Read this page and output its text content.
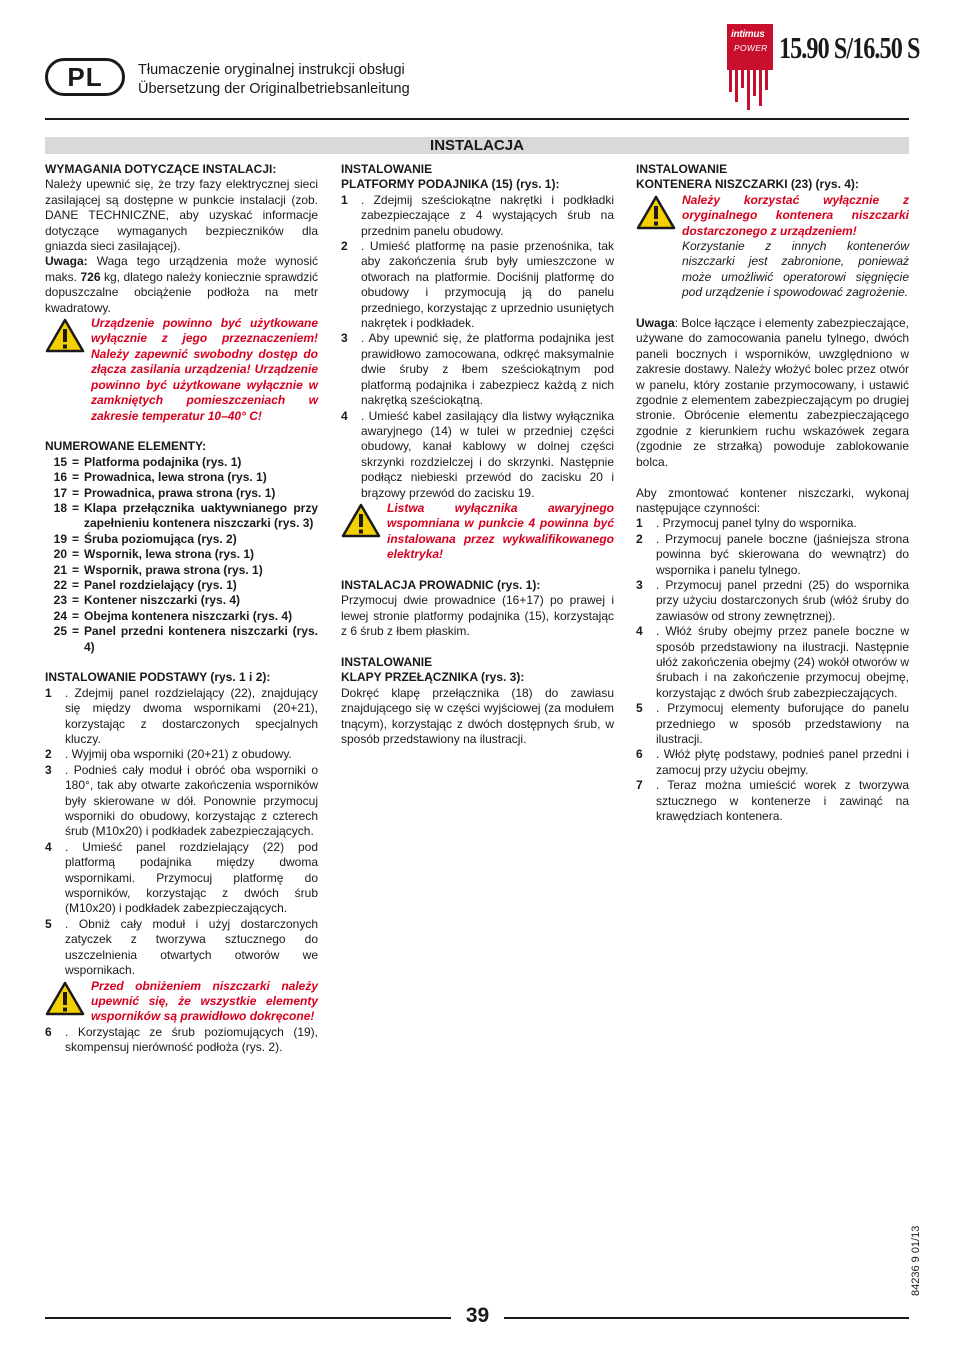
PL	Tłumaczenie oryginalnej instrukcji obsługi
Übersetzung der Originalbetriebsanleitung
intimus
POWER 15.90 S/16.50 S
INSTALACJA
WYMAGANIA DOTYCZĄCE INSTALACJI:

Należy upewnić się, że trzy fazy elektrycznej sieci zasilającej są dostępne w punkcie instalacji (zob. DANE TECHNICZNE, aby uzyskać informacje dotyczące wymaganych bezpieczników dla gniazda sieci zasilającej).

Uwaga: Waga tego urządzenia może wynosić maks. 726 kg, dlatego należy koniecznie sprawdzić dopuszczalne obciążenie podłoża na metr kwadratowy.

Urządzenie powinno być użytkowane wyłącznie z jego przeznaczeniem! Należy zapewnić swobodny dostęp do złącza zasilania urządzenia! Urządzenie powinno być użytkowane wyłącznie w zamkniętych pomieszczeniach w zakresie temperatur 10–40° C!
NUMEROWANE ELEMENTY:
15 = Platforma podajnika (rys. 1)
16 = Prowadnica, lewa strona (rys. 1)
17 = Prowadnica, prawa strona (rys. 1)
18 = Klapa przełącznika uaktywnianego przy zapełnieniu kontenera niszczarki (rys. 3)
19 = Śruba poziomująca (rys. 2)
20 = Wspornik, lewa strona (rys. 1)
21 = Wspornik, prawa strona (rys. 1)
22 = Panel rozdzielający (rys. 1)
23 = Kontener niszczarki (rys. 4)
24 = Obejma kontenera niszczarki (rys. 4)
25 = Panel przedni kontenera niszczarki (rys. 4)
INSTALOWANIE PODSTAWY (rys. 1 i 2):
1	. Zdejmij panel rozdzielający (22), znajdujący się między dwoma wspornikami (20+21), korzystając z dostarczonych specjalnych kluczy.
2	. Wyjmij oba wsporniki (20+21) z obudowy.
3	. Podnieś cały moduł i obróć oba wsporniki o 180°, tak aby otwarte zakończenia wsporników były skierowane w dół. Ponownie przymocuj wsporniki do obudowy, korzystając z czterech śrub (M10x20) i podkładek zabezpieczających.
4	. Umieść panel rozdzielający (22) pod platformą podajnika między dwoma wspornikami. Przymocuj platformę do wsporników, korzystając z dwóch śrub (M10x20) i podkładek zabezpieczających.
5	. Obniż cały moduł i użyj dostarczonych zatyczek z tworzywa sztucznego do uszczelnienia otwartych otworów we wspornikach.
Przed obniżeniem niszczarki należy upewnić się, że wszystkie elementy wsporników są prawidłowo dokręcone!
6	. Korzystając ze śrub poziomujących (19), skompensuj nierówność podłoża (rys. 2).
INSTALOWANIE
PLATFORMY PODAJNIKA (15) (rys. 1):
1	. Zdejmij sześciokątne nakrętki i podkładki zabezpieczające z 4 wystających śrub na przednim panelu obudowy.
2	. Umieść platformę na pasie przenośnika, tak aby zakończenia śrub były umieszczone w otworach na platformie. Dociśnij platformę do obudowy i przymocują ją do panelu przedniego, korzystając z uprzednio usuniętych nakrętek i podkładek.
3	. Aby upewnić się, że platforma podajnika jest prawidłowo zamocowana, odkręć maksymalnie dwie śruby z łbem sześciokątnym pod platformą podajnika i zabezpiecz każdą z nich nakrętką sześciokątną.
4	. Umieść kabel zasilający dla listwy wyłącznika awaryjnego (14) w tulei w przedniej części obudowy, kanał kablowy w dolnej części skrzynki rozdzielczej i do skrzynki. Następnie podłącz niebieski przewód do zacisku 20 i brązowy przewód do zacisku 19.
Listwa wyłącznika awaryjnego wspomniana w punkcie 4 powinna być instalowana przez wykwalifikowanego elektryka!
INSTALACJA PROWADNIC (rys. 1):

Przymocuj dwie prowadnice (16+17) po prawej i lewej stronie platformy podajnika (15), korzystając z 6 śrub z łbem płaskim.

INSTALOWANIE
KLAPY PRZEŁĄCZNIKA (rys. 3):

Dokręć klapę przełącznika (18) do zawiasu znajdującego się w części wyjściowej (za modułem tnącym), korzystając z dwóch dostępnych śrub, w sposób przedstawiony na ilustracji.

INSTALOWANIE
KONTENERA NISZCZARKI (23) (rys. 4):
Należy korzystać wyłącznie z oryginalnego kontenera niszczarki dostarczonego z urządzeniem!
Korzystanie z innych kontenerów niszczarki jest zabronione, ponieważ może umożliwić operatorowi sięgnięcie pod urządzenie i spowodować zagrożenie.

Uwaga: Bolce łączące i elementy zabezpieczające, używane do zamocowania panelu tylnego, dwóch paneli bocznych i wsporników, uwzględniono w zakresie dostawy. Należy włożyć bolec przez otwór w panelu, który zostanie przymocowany, i ustawić zgodnie z elementem zabezpieczającym po drugiej stronie. Obrócenie elementu zabezpieczającego zgodnie z kierunkiem ruchu wskazówek zegara (zgodnie ze strzałką) powoduje zablokowanie bolca.

Aby zmontować kontener niszczarki, wykonaj następujące czynności:

1	. Przymocuj panel tylny do wspornika.
2	. Przymocuj panele boczne (jaśniejsza strona powinna być skierowana do wewnątrz) do wspornika i panelu tylnego.
3	. Przymocuj panel przedni (25) do wspornika przy użyciu dostarczonych śrub (włóż śruby do zawiasów od strony zewnętrznej).
4	. Włóż śruby obejmy przez panele boczne w sposób przedstawiony na ilustracji. Następnie ułóż zakończenia obejmy (24) wokół otworów w śrubach i na zakończenie przymocuj obejmę, korzystając z dwóch śrub zabezpieczających.
5	. Przymocuj elementy buforujące do panelu przedniego w sposób przedstawiony na ilustracji.
6	. Włóż płytę podstawy, podnieś panel przedni i zamocuj przy użyciu obejmy.
7	. Teraz można umieścić worek z tworzywa sztucznego w kontenerze i zawinąć na krawędziach kontenera.
84236 9 01/13
39
